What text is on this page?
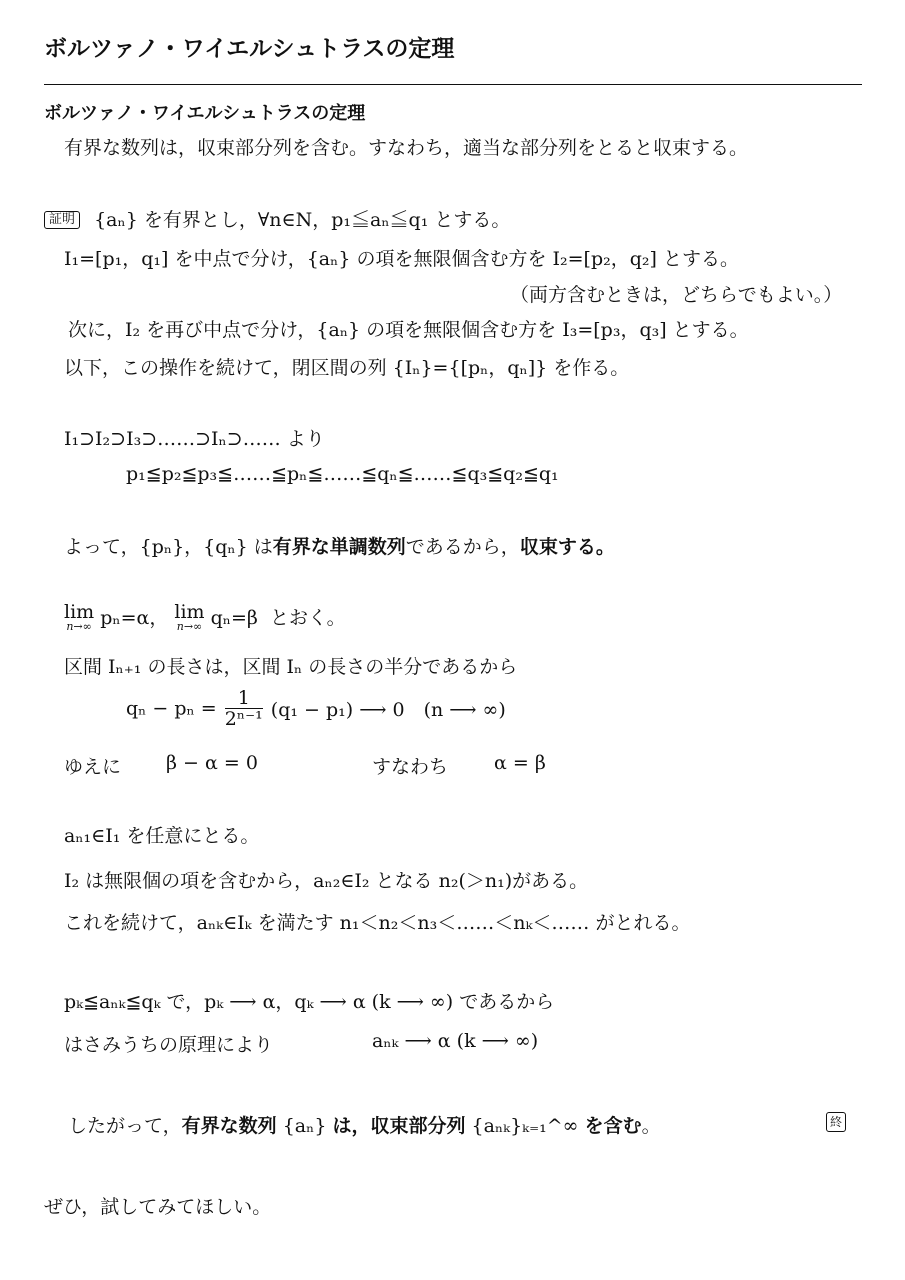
ボルツァノ・ワイエルシュトラスの定理
ボルツァノ・ワイエルシュトラスの定理
有界な数列は，収束部分列を含む。すなわち，適当な部分列をとると収束する。
証明 {aₙ} を有界とし，∀n∈N，p₁≦aₙ≦q₁ とする。
I₁=[p₁，q₁] を中点で分け，{aₙ} の項を無限個含む方を I₂=[p₂，q₂] とする。
（両方含むときは，どちらでもよい。）
次に，I₂ を再び中点で分け，{aₙ} の項を無限個含む方を I₃=[p₃，q₃] とする。
以下，この操作を続けて，閉区間の列 {Iₙ}={[pₙ，qₙ]} を作る。
I₁⊃I₂⊃I₃⊃……⊃Iₙ⊃…… より
p₁≦p₂≦p₃≦……≦pₙ≦……≦qₙ≦……≦q₃≦q₂≦q₁
よって，{pₙ}，{qₙ} は有界な単調数列であるから，収束する。
lim
n→∞ pₙ=α， lim
n→∞ qₙ=β とおく。
区間 Iₙ₊₁ の長さは，区間 Iₙ の長さの半分であるから
$q_n - p_n = \frac{1}{\text{2ⁿ⁻¹}} (q_1 - p_1)$ ⟶ 0　(n ⟶ ∞)
ゆえに β − α = 0	すなわち α = β
aₙ₁∈I₁ を任意にとる。
I₂ は無限個の項を含むから，aₙ₂∈I₂ となる n₂(＞n₁)がある。
これを続けて，aₙₖ∈Iₖ を満たす n₁＜n₂＜n₃＜……＜nₖ＜…… がとれる。
pₖ≦aₙₖ≦qₖ で，pₖ ⟶ α，qₖ ⟶ α (k ⟶ ∞) であるから
はさみうちの原理により	aₙₖ ⟶ α (k ⟶ ∞)
したがって，有界な数列 {aₙ} は，収束部分列 {aₙₖ}ₖ₌₁^∞ を含む。	終
ぜひ，試してみてほしい。
